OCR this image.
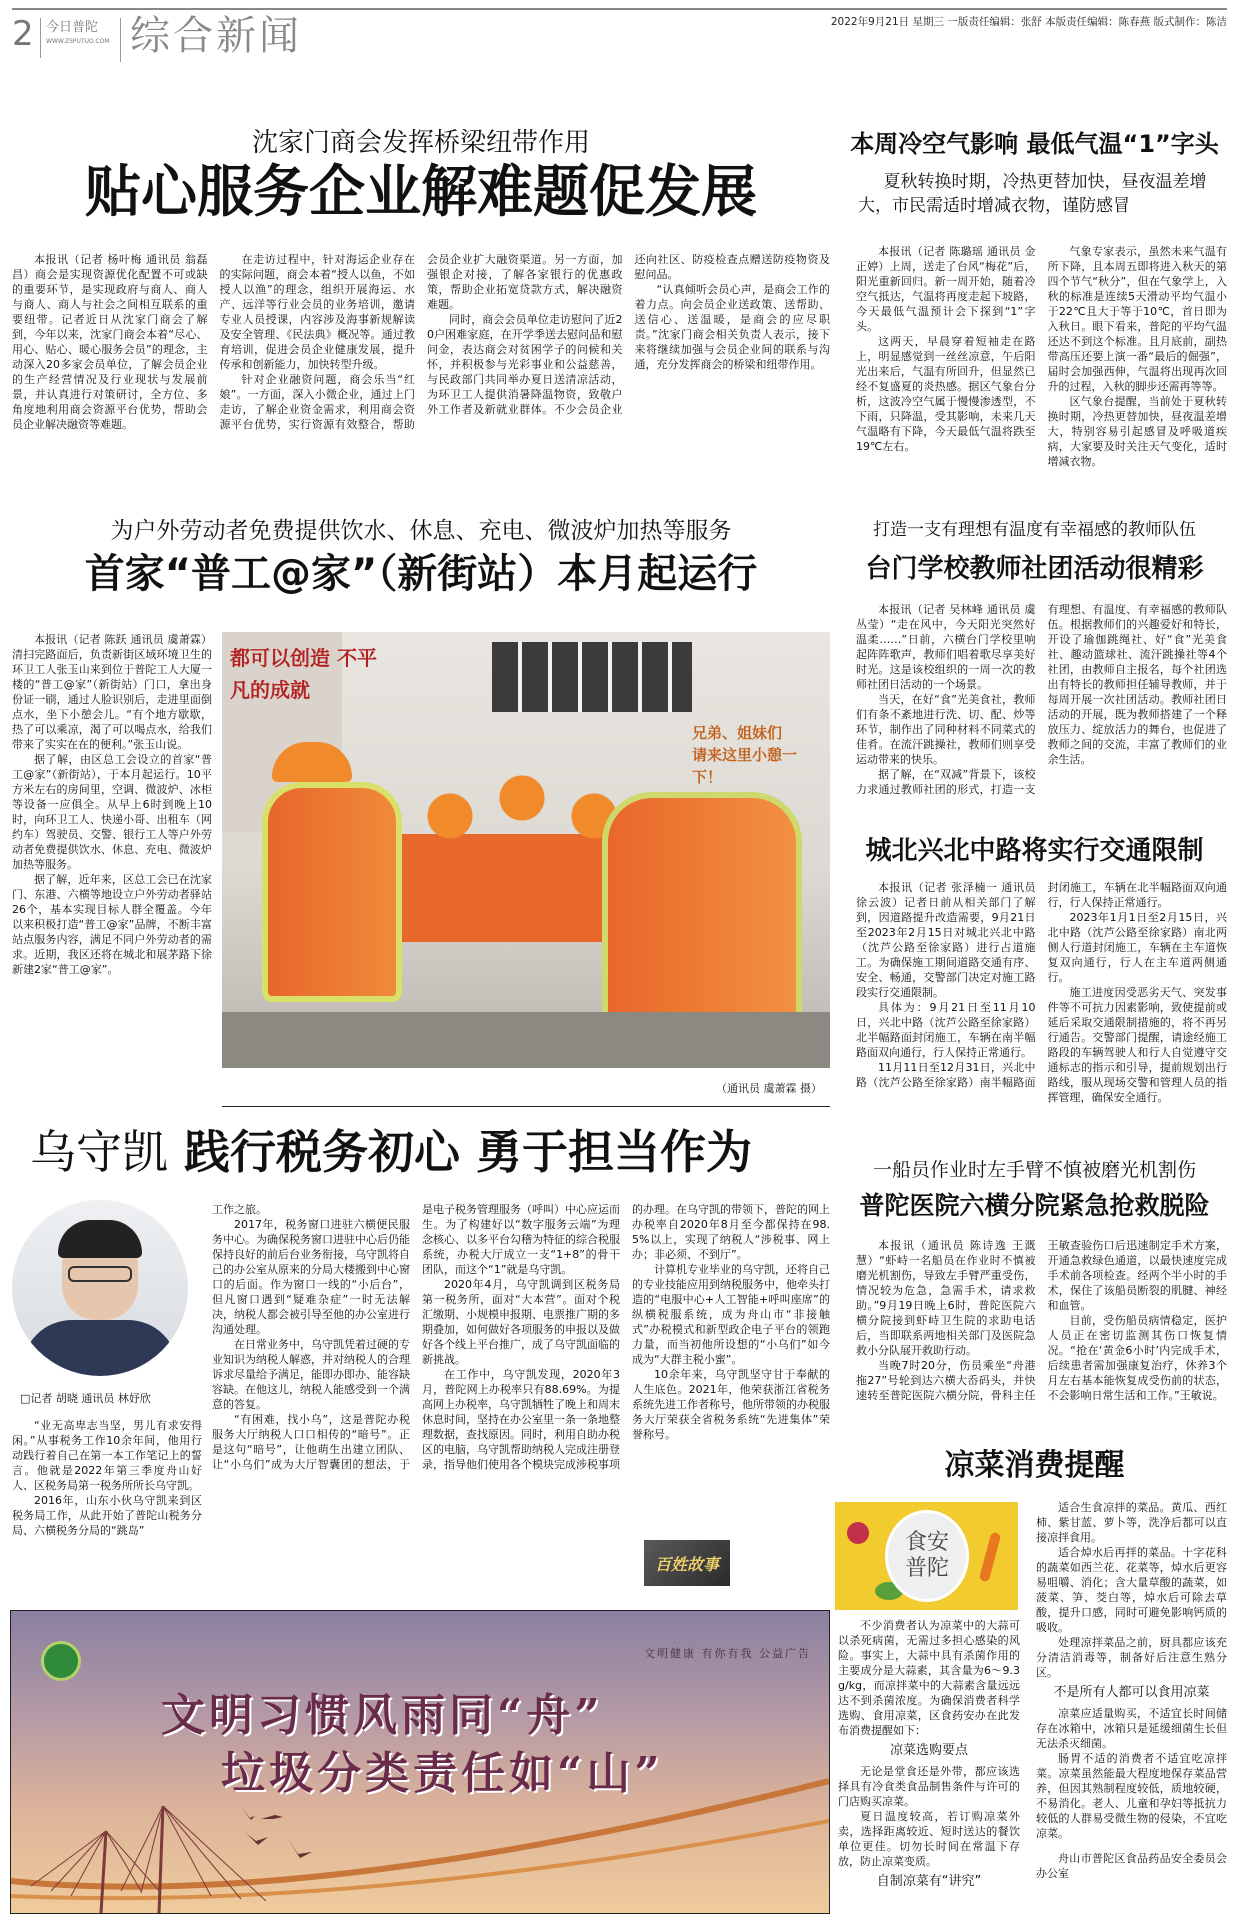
2 今日普陀
WWW.ZSPUTUO.COM 综合新闻	2022年9月21日 星期三 一版责任编辑：张舒 本版责任编辑：陈春燕 版式制作：陈洁
沈家门商会发挥桥梁纽带作用
贴心服务企业解难题促发展

本报讯（记者 杨叶梅 通讯员 翁磊昌）商会是实现资源优化配置不可或缺的重要环节，是实现政府与商人、商人与商人、商人与社会之间相互联系的重要纽带。记者近日从沈家门商会了解到，今年以来，沈家门商会本着“尽心、用心、贴心、暖心服务会员”的理念，主动深入20多家会员单位，了解会员企业的生产经营情况及行业现状与发展前景，并认真进行对策研讨，全方位、多角度地利用商会资源平台优势，帮助会员企业解决融资等难题。

在走访过程中，针对海运企业存在的实际问题，商会本着“授人以鱼，不如授人以渔”的理念，组织开展海运、水产、远洋等行业会员的业务培训，邀请专业人员授课，内容涉及海事新规解读及安全管理、《民法典》概况等。通过教育培训，促进会员企业健康发展，提升传承和创新能力，加快转型升级。

针对企业融资问题，商会乐当“红娘”。一方面，深入小微企业，通过上门走访，了解企业资金需求，利用商会资源平台优势，实行资源有效整合，帮助会员企业扩大融资渠道。另一方面，加强银企对接，了解各家银行的优惠政策，帮助企业拓宽贷款方式，解决融资难题。

同时，商会会员单位走访慰问了近20户困难家庭，在开学季送去慰问品和慰问金，表达商会对贫困学子的问候和关怀，并积极参与光彩事业和公益慈善，与民政部门共同举办夏日送清凉活动，为环卫工人提供消暑降温物资，致敬户外工作者及新就业群体。不少会员企业还向社区、防疫检查点赠送防疫物资及慰问品。

“认真倾听会员心声，是商会工作的着力点。向会员企业送政策、送帮助、送信心、送温暖，是商会的应尽职责。”沈家门商会相关负责人表示，接下来将继续加强与会员企业间的联系与沟通，充分发挥商会的桥梁和纽带作用。

本周冷空气影响 最低气温“1”字头
夏秋转换时期，冷热更替加快，昼夜温差增大，市民需适时增减衣物，谨防感冒

本报讯（记者 陈璐瑶 通讯员 金正婷）上周，送走了台风“梅花”后，阳光重新回归。新一周开始，随着冷空气抵达，气温将再度走起下坡路，今天最低气温预计会下探到“1”字头。

这两天，早晨穿着短袖走在路上，明显感觉到一丝丝凉意，午后阳光出来后，气温有所回升，但显然已经不复盛夏的炎热感。据区气象台分析，这波冷空气属于慢慢渗透型，不下雨，只降温，受其影响，未来几天气温略有下降，今天最低气温将跌至19℃左右。

气象专家表示，虽然未来气温有所下降，且本周五即将进入秋天的第四个节气“秋分”，但在气象学上，入秋的标准是连续5天滑动平均气温小于22℃且大于等于10℃，首日即为入秋日。眼下看来，普陀的平均气温还达不到这个标准。且月底前，副热带高压还要上演一番“最后的倔强”，届时会加强西伸，气温将出现再次回升的过程，入秋的脚步还需再等等。

区气象台提醒，当前处于夏秋转换时期，冷热更替加快，昼夜温差增大，特别容易引起感冒及呼吸道疾病，大家要及时关注天气变化，适时增减衣物。

为户外劳动者免费提供饮水、休息、充电、微波炉加热等服务
首家“普工@家”（新街站）本月起运行

本报讯（记者 陈跃 通讯员 虞萧霖）清扫完路面后，负责新街区域环境卫生的环卫工人张玉山来到位于普陀工人大厦一楼的“普工@家”（新街站）门口，拿出身份证一刷，通过人脸识别后，走进里面倒点水，坐下小憩会儿。“有个地方歇歇，热了可以乘凉，渴了可以喝点水，给我们带来了实实在在的便利。”张玉山说。

据了解，由区总工会设立的首家“普工@家”（新街站），于本月起运行。10平方米左右的房间里，空调、微波炉、冰柜等设备一应俱全。从早上6时到晚上10时，向环卫工人、快递小哥、出租车（网约车）驾驶员、交警、银行工人等户外劳动者免费提供饮水、休息、充电、微波炉加热等服务。

据了解，近年来，区总工会已在沈家门、东港、六横等地设立户外劳动者驿站26个，基本实现目标人群全覆盖。今年以来积极打造“普工@家”品牌，不断丰富站点服务内容，满足不同户外劳动者的需求。近期，我区还将在城北和展茅路下徐新建2家“普工@家”。

都可以创造 不平凡的成就
兄弟、姐妹们 请来这里小憩一下！
（通讯员 虞萧霖 摄）
打造一支有理想有温度有幸福感的教师队伍
台门学校教师社团活动很精彩

本报讯（记者 吴林峰 通讯员 虞丛莹）“走在风中，今天阳光突然好温柔……”日前，六横台门学校里响起阵阵歌声，教师们唱着歌尽享美好时光。这是该校组织的一周一次的教师社团日活动的一个场景。

当天，在好“食”光美食社，教师们有条不紊地进行洗、切、配、炒等环节，制作出了同种材料不同菜式的佳肴。在流汗跳操社，教师们则享受运动带来的快乐。

据了解，在“双减”背景下，该校力求通过教师社团的形式，打造一支有理想、有温度、有幸福感的教师队伍。根据教师们的兴趣爱好和特长，开设了瑜伽跳绳社、好“食”光美食社、趣动篮球社、流汗跳操社等4个社团，由教师自主报名，每个社团选出有特长的教师担任辅导教师，并于每周开展一次社团活动。教师社团日活动的开展，既为教师搭建了一个释放压力、绽放活力的舞台，也促进了教师之间的交流，丰富了教师们的业余生活。

城北兴北中路将实行交通限制

本报讯（记者 张泽楠一 通讯员 徐云波）记者日前从相关部门了解到，因道路提升改造需要，9月21日至2023年2月15日对城北兴北中路（沈芦公路至徐家路）进行占道施工。为确保施工期间道路交通有序、安全、畅通，交警部门决定对施工路段实行交通限制。

具体为：9月21日至11月10日，兴北中路（沈芦公路至徐家路）北半幅路面封闭施工，车辆在南半幅路面双向通行，行人保持正常通行。

11月11日至12月31日，兴北中路（沈芦公路至徐家路）南半幅路面封闭施工，车辆在北半幅路面双向通行，行人保持正常通行。

2023年1月1日至2月15日，兴北中路（沈芦公路至徐家路）南北两侧人行道封闭施工，车辆在主车道恢复双向通行，行人在主车道两侧通行。

施工进度因受恶劣天气、突发事件等不可抗力因素影响，致使提前或延后采取交通限制措施的，将不再另行通告。交警部门提醒，请途经施工路段的车辆驾驶人和行人自觉遵守交通标志的指示和引导，提前规划出行路线，服从现场交警和管理人员的指挥管理，确保安全通行。

乌守凯 践行税务初心 勇于担当作为
□记者 胡晓 通讯员 林妤欣

“业无高卑志当坚，男儿有求安得闲。”从事税务工作10余年间，他用行动践行着自己在第一本工作笔记上的誓言。他就是2022年第三季度舟山好人、区税务局第一税务所所长乌守凯。

2016年，山东小伙乌守凯来到区税务局工作，从此开始了普陀山税务分局、六横税务分局的“跳岛”

工作之旅。

2017年，税务窗口进驻六横便民服务中心。为确保税务窗口进驻中心后仍能保持良好的前后台业务衔接，乌守凯将自己的办公室从原来的分局大楼搬到中心窗口的后面。作为窗口一线的“小后台”，但凡窗口遇到“疑难杂症”一时无法解决，纳税人都会被引导至他的办公室进行沟通处理。

在日常业务中，乌守凯凭着过硬的专业知识为纳税人解惑，并对纳税人的合理诉求尽量给予满足，能即办即办、能容缺容缺。在他这儿，纳税人能感受到一个满意的答复。

“有困难，找小乌”，这是普陀办税服务大厅纳税人口口相传的“暗号”。正是这句“暗号”，让他萌生出建立团队、让“小乌们”成为大厅智囊团的想法，于是电子税务管理服务（呼叫）中心应运而生。为了构建好以“数字服务云端”为理念核心、以多平台勾稽为特征的综合税服系统，办税大厅成立一支“1+8”的骨干团队，而这个“1”就是乌守凯。

2020年4月，乌守凯调到区税务局第一税务所，面对“大本营”。面对个税汇缴期、小规模申报期、电票推广期的多期叠加，如何做好各项服务的申报以及做好各个线上平台推广，成了乌守凯面临的新挑战。

在工作中，乌守凯发现，2020年3月，普陀网上办税率只有88.69%。为提高网上办税率，乌守凯牺牲了晚上和周末休息时间，坚持在办公室里一条一条地整理数据，查找原因。同时，利用自助办税区的电脑，乌守凯帮助纳税人完成注册登录，指导他们使用各个模块完成涉税事项的办理。在乌守凯的带领下，普陀的网上办税率自2020年8月至今都保持在98.5%以上，实现了纳税人“涉税事、网上办；非必须、不到厅”。

计算机专业毕业的乌守凯，还将自己的专业技能应用到纳税服务中，他牵头打造的“电服中心+人工智能+呼叫座席”的纵横税服系统，成为舟山市“非接触式”办税模式和新型政企电子平台的领跑力量，而当初他所设想的“小乌们”如今成为“大群主税小蜜”。

10余年来，乌守凯坚守甘于奉献的人生底色。2021年，他荣获浙江省税务系统先进工作者称号，他所带领的办税服务大厅荣获全省税务系统“先进集体”荣誉称号。

百姓故事
一船员作业时左手臂不慎被磨光机割伤
普陀医院六横分院紧急抢救脱险

本报讯（通讯员 陈诗逸 王溉慧）“虾峙一名船员在作业时不慎被磨光机割伤，导致左手臂严重受伤，情况较为危急，急需手术，请求救助。”9月19日晚上6时，普陀医院六横分院接到虾峙卫生院的求助电话后，当即联系两地相关部门及医院急救小分队展开救助行动。

当晚7时20分，伤员乘坐“舟港拖27”号轮到达六横大岙码头，并快速转至普陀医院六横分院，骨科主任王敏查验伤口后迅速制定手术方案，开通急救绿色通道，以最快速度完成手术前各项检查。经两个半小时的手术，保住了该船员断裂的肌腱、神经和血管。

目前，受伤船员病情稳定，医护人员正在密切监测其伤口恢复情况。“抢在‘黄金6小时’内完成手术，后续患者需加强康复治疗，休养3个月左右基本能恢复成受伤前的状态，不会影响日常生活和工作。”王敏说。

凉菜消费提醒
食安
普陀

不少消费者认为凉菜中的大蒜可以杀死病菌，无需过多担心感染的风险。事实上，大蒜中具有杀菌作用的主要成分是大蒜素，其含量为6～9.3g/kg，而凉拌菜中的大蒜素含量远远达不到杀菌浓度。为确保消费者科学选购、食用凉菜，区食药安办在此发布消费提醒如下：

凉菜选购要点

无论是堂食还是外带，都应该选择具有冷食类食品制售条件与许可的门店购买凉菜。

夏日温度较高，若订购凉菜外卖，选择距离较近、短时送达的餐饮单位更佳。切勿长时间在常温下存放，防止凉菜变质。

自制凉菜有“讲究”

适合生食凉拌的菜品。黄瓜、西红柿、紫甘蓝、萝卜等，洗净后都可以直接凉拌食用。

适合焯水后再拌的菜品。十字花科的蔬菜如西兰花、花菜等，焯水后更容易咀嚼、消化；含大量草酸的蔬菜，如菠菜、笋、茭白等，焯水后可除去草酸，提升口感，同时可避免影响钙质的吸收。

处理凉拌菜品之前，厨具都应该充分清洁消毒等，制备好后注意生熟分区。

不是所有人都可以食用凉菜

凉菜应适量购买，不适宜长时间储存在冰箱中，冰箱只是延缓细菌生长但无法杀灭细菌。

肠胃不适的消费者不适宜吃凉拌菜。凉菜虽然能最大程度地保存菜品营养，但因其熟制程度较低，质地较硬，不易消化。老人、儿童和孕妇等抵抗力较低的人群易受微生物的侵染，不宜吃凉菜。

舟山市普陀区食品药品安全委员会办公室

文明健康 有你有我 公益广告
文明习惯风雨同“舟”
垃圾分类责任如“山”
